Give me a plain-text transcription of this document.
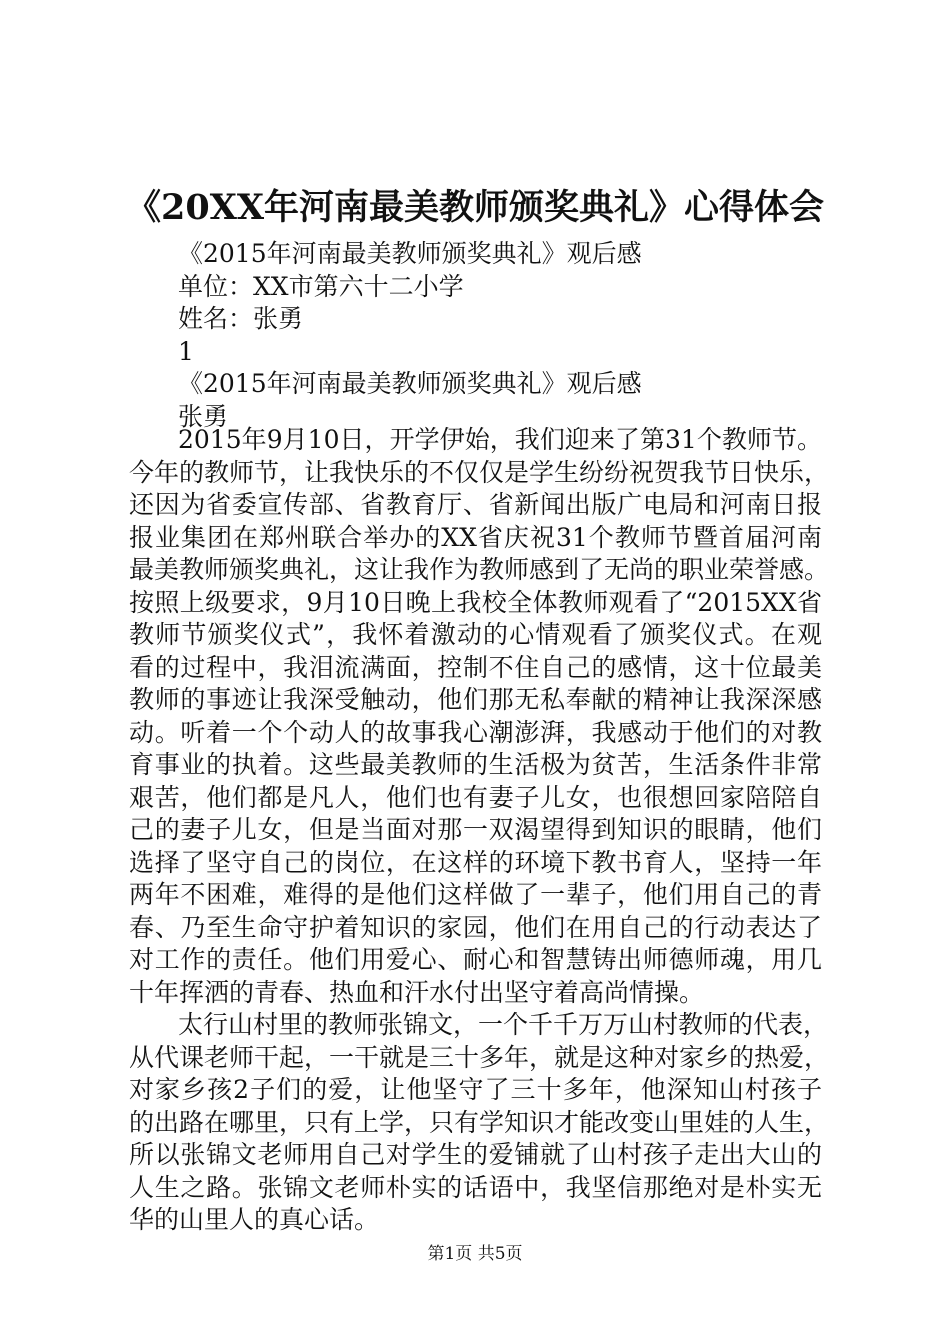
《20XX年河南最美教师颁奖典礼》心得体会
《2015年河南最美教师颁奖典礼》观后感
单位：XX市第六十二小学
姓名：张勇
1
《2015年河南最美教师颁奖典礼》观后感
张勇
2015年9月10日，开学伊始，我们迎来了第31个教师节。
今年的教师节，让我快乐的不仅仅是学生纷纷祝贺我节日快乐，
还因为省委宣传部、省教育厅、省新闻出版广电局和河南日报
报业集团在郑州联合举办的XX省庆祝31个教师节暨首届河南
最美教师颁奖典礼，这让我作为教师感到了无尚的职业荣誉感。
按照上级要求，9月10日晚上我校全体教师观看了“2015XX省
教师节颁奖仪式”，我怀着激动的心情观看了颁奖仪式。在观
看的过程中，我泪流满面，控制不住自己的感情，这十位最美
教师的事迹让我深受触动，他们那无私奉献的精神让我深深感
动。听着一个个动人的故事我心潮澎湃，我感动于他们的对教
育事业的执着。这些最美教师的生活极为贫苦，生活条件非常
艰苦，他们都是凡人，他们也有妻子儿女，也很想回家陪陪自
己的妻子儿女，但是当面对那一双渴望得到知识的眼睛，他们
选择了坚守自己的岗位，在这样的环境下教书育人，坚持一年
两年不困难，难得的是他们这样做了一辈子，他们用自己的青
春、乃至生命守护着知识的家园，他们在用自己的行动表达了
对工作的责任。他们用爱心、耐心和智慧铸出师德师魂，用几
十年挥洒的青春、热血和汗水付出坚守着高尚情操。
太行山村里的教师张锦文，一个千千万万山村教师的代表，
从代课老师干起，一干就是三十多年，就是这种对家乡的热爱，
对家乡孩2子们的爱，让他坚守了三十多年，他深知山村孩子
的出路在哪里，只有上学，只有学知识才能改变山里娃的人生，
所以张锦文老师用自己对学生的爱铺就了山村孩子走出大山的
人生之路。张锦文老师朴实的话语中，我坚信那绝对是朴实无
华的山里人的真心话。
第1页 共5页
